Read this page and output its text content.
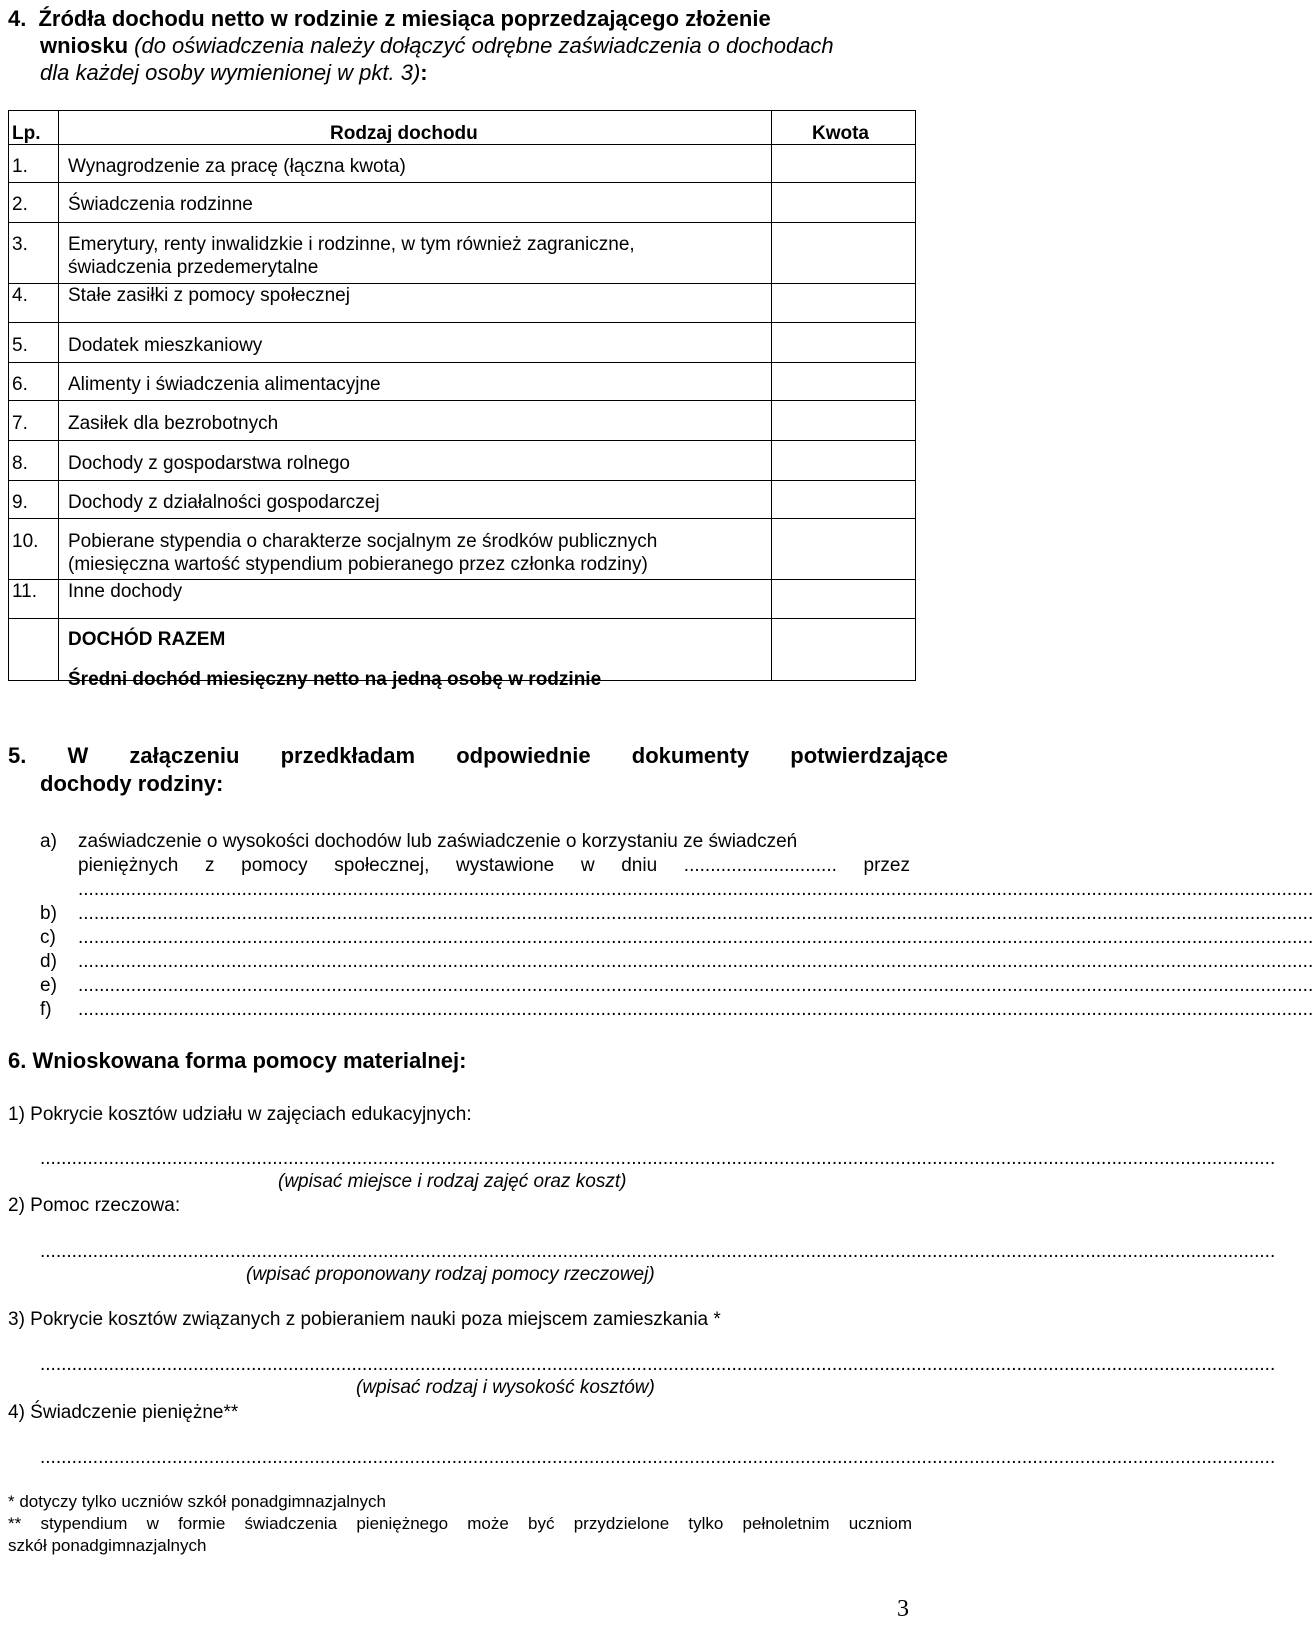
4. Źródła dochodu netto w rodzinie z miesiąca poprzedzającego złożenie
wniosku (do oświadczenia należy dołączyć odrębne zaświadczenia o dochodach
dla każdej osoby wymienionej w pkt. 3):
Lp.	Rodzaj dochodu	Kwota
1. Wynagrodzenie za pracę (łączna kwota)
2. Świadczenia rodzinne
3. Emerytury, renty inwalidzkie i rodzinne, w tym również zagraniczne,
świadczenia przedemerytalne
4. Stałe zasiłki z pomocy społecznej
5. Dodatek mieszkaniowy
6. Alimenty i świadczenia alimentacyjne
7. Zasiłek dla bezrobotnych
8. Dochody z gospodarstwa rolnego
9. Dochody z działalności gospodarczej
10. Pobierane stypendia o charakterze socjalnym ze środków publicznych
(miesięczna wartość stypendium pobieranego przez członka rodziny)
11. Inne dochody
DOCHÓD RAZEM
Średni dochód miesięczny netto na jedną osobę w rodzinie
5. W załączeniu przedkładam odpowiednie dokumenty potwierdzające
dochody rodziny:
a) zaświadczenie o wysokości dochodów lub zaświadczenie o korzystaniu ze świadczeń
pieniężnych z pomocy społecznej, wystawione w dniu ............................. przez
..........................................................................................................................................................................................................................................
b) ..........................................................................................................................................................................................................................................
c) ..........................................................................................................................................................................................................................................
d) ..........................................................................................................................................................................................................................................
e) ..........................................................................................................................................................................................................................................
f) ..........................................................................................................................................................................................................................................
6. Wnioskowana forma pomocy materialnej:
1) Pokrycie kosztów udziału w zajęciach edukacyjnych:
..........................................................................................................................................................................................................................................
(wpisać miejsce i rodzaj zajęć oraz koszt)
2) Pomoc rzeczowa:
..........................................................................................................................................................................................................................................
(wpisać proponowany rodzaj pomocy rzeczowej)
3) Pokrycie kosztów związanych z pobieraniem nauki poza miejscem zamieszkania *
..........................................................................................................................................................................................................................................
(wpisać rodzaj i wysokość kosztów)
4) Świadczenie pieniężne**
..........................................................................................................................................................................................................................................
* dotyczy tylko uczniów szkół ponadgimnazjalnych
** stypendium w formie świadczenia pieniężnego może być przydzielone tylko pełnoletnim uczniom
szkół ponadgimnazjalnych
3
